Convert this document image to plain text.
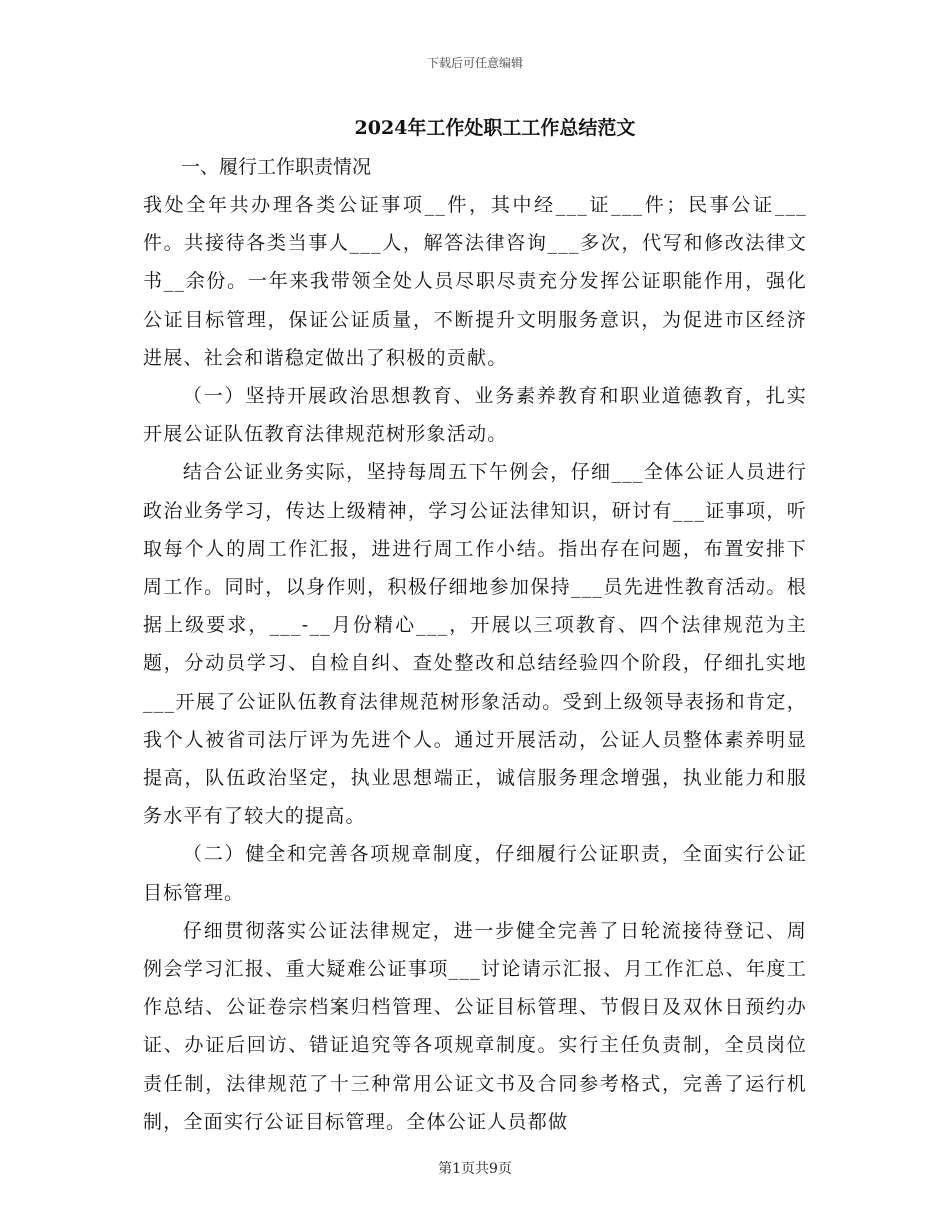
下载后可任意编辑
2024年工作处职工工作总结范文
一、履行工作职责情况

我处全年共办理各类公证事项__件，其中经___证___件；民事公证___件。共接待各类当事人___人，解答法律咨询___多次，代写和修改法律文书__余份。一年来我带领全处人员尽职尽责充分发挥公证职能作用，强化公证目标管理，保证公证质量，不断提升文明服务意识，为促进市区经济进展、社会和谐稳定做出了积极的贡献。

（一）坚持开展政治思想教育、业务素养教育和职业道德教育，扎实开展公证队伍教育法律规范树形象活动。

结合公证业务实际，坚持每周五下午例会，仔细___全体公证人员进行政治业务学习，传达上级精神，学习公证法律知识，研讨有___证事项，听取每个人的周工作汇报，进进行周工作小结。指出存在问题，布置安排下周工作。同时，以身作则，积极仔细地参加保持___员先进性教育活动。根据上级要求，___-__月份精心___，开展以三项教育、四个法律规范为主题，分动员学习、自检自纠、查处整改和总结经验四个阶段，仔细扎实地___开展了公证队伍教育法律规范树形象活动。受到上级领导表扬和肯定，我个人被省司法厅评为先进个人。通过开展活动，公证人员整体素养明显提高，队伍政治坚定，执业思想端正，诚信服务理念增强，执业能力和服务水平有了较大的提高。

（二）健全和完善各项规章制度，仔细履行公证职责，全面实行公证目标管理。

仔细贯彻落实公证法律规定，进一步健全完善了日轮流接待登记、周例会学习汇报、重大疑难公证事项___讨论请示汇报、月工作汇总、年度工作总结、公证卷宗档案归档管理、公证目标管理、节假日及双休日预约办证、办证后回访、错证追究等各项规章制度。实行主任负责制，全员岗位责任制，法律规范了十三种常用公证文书及合同参考格式，完善了运行机制，全面实行公证目标管理。全体公证人员都做

第1页共9页
